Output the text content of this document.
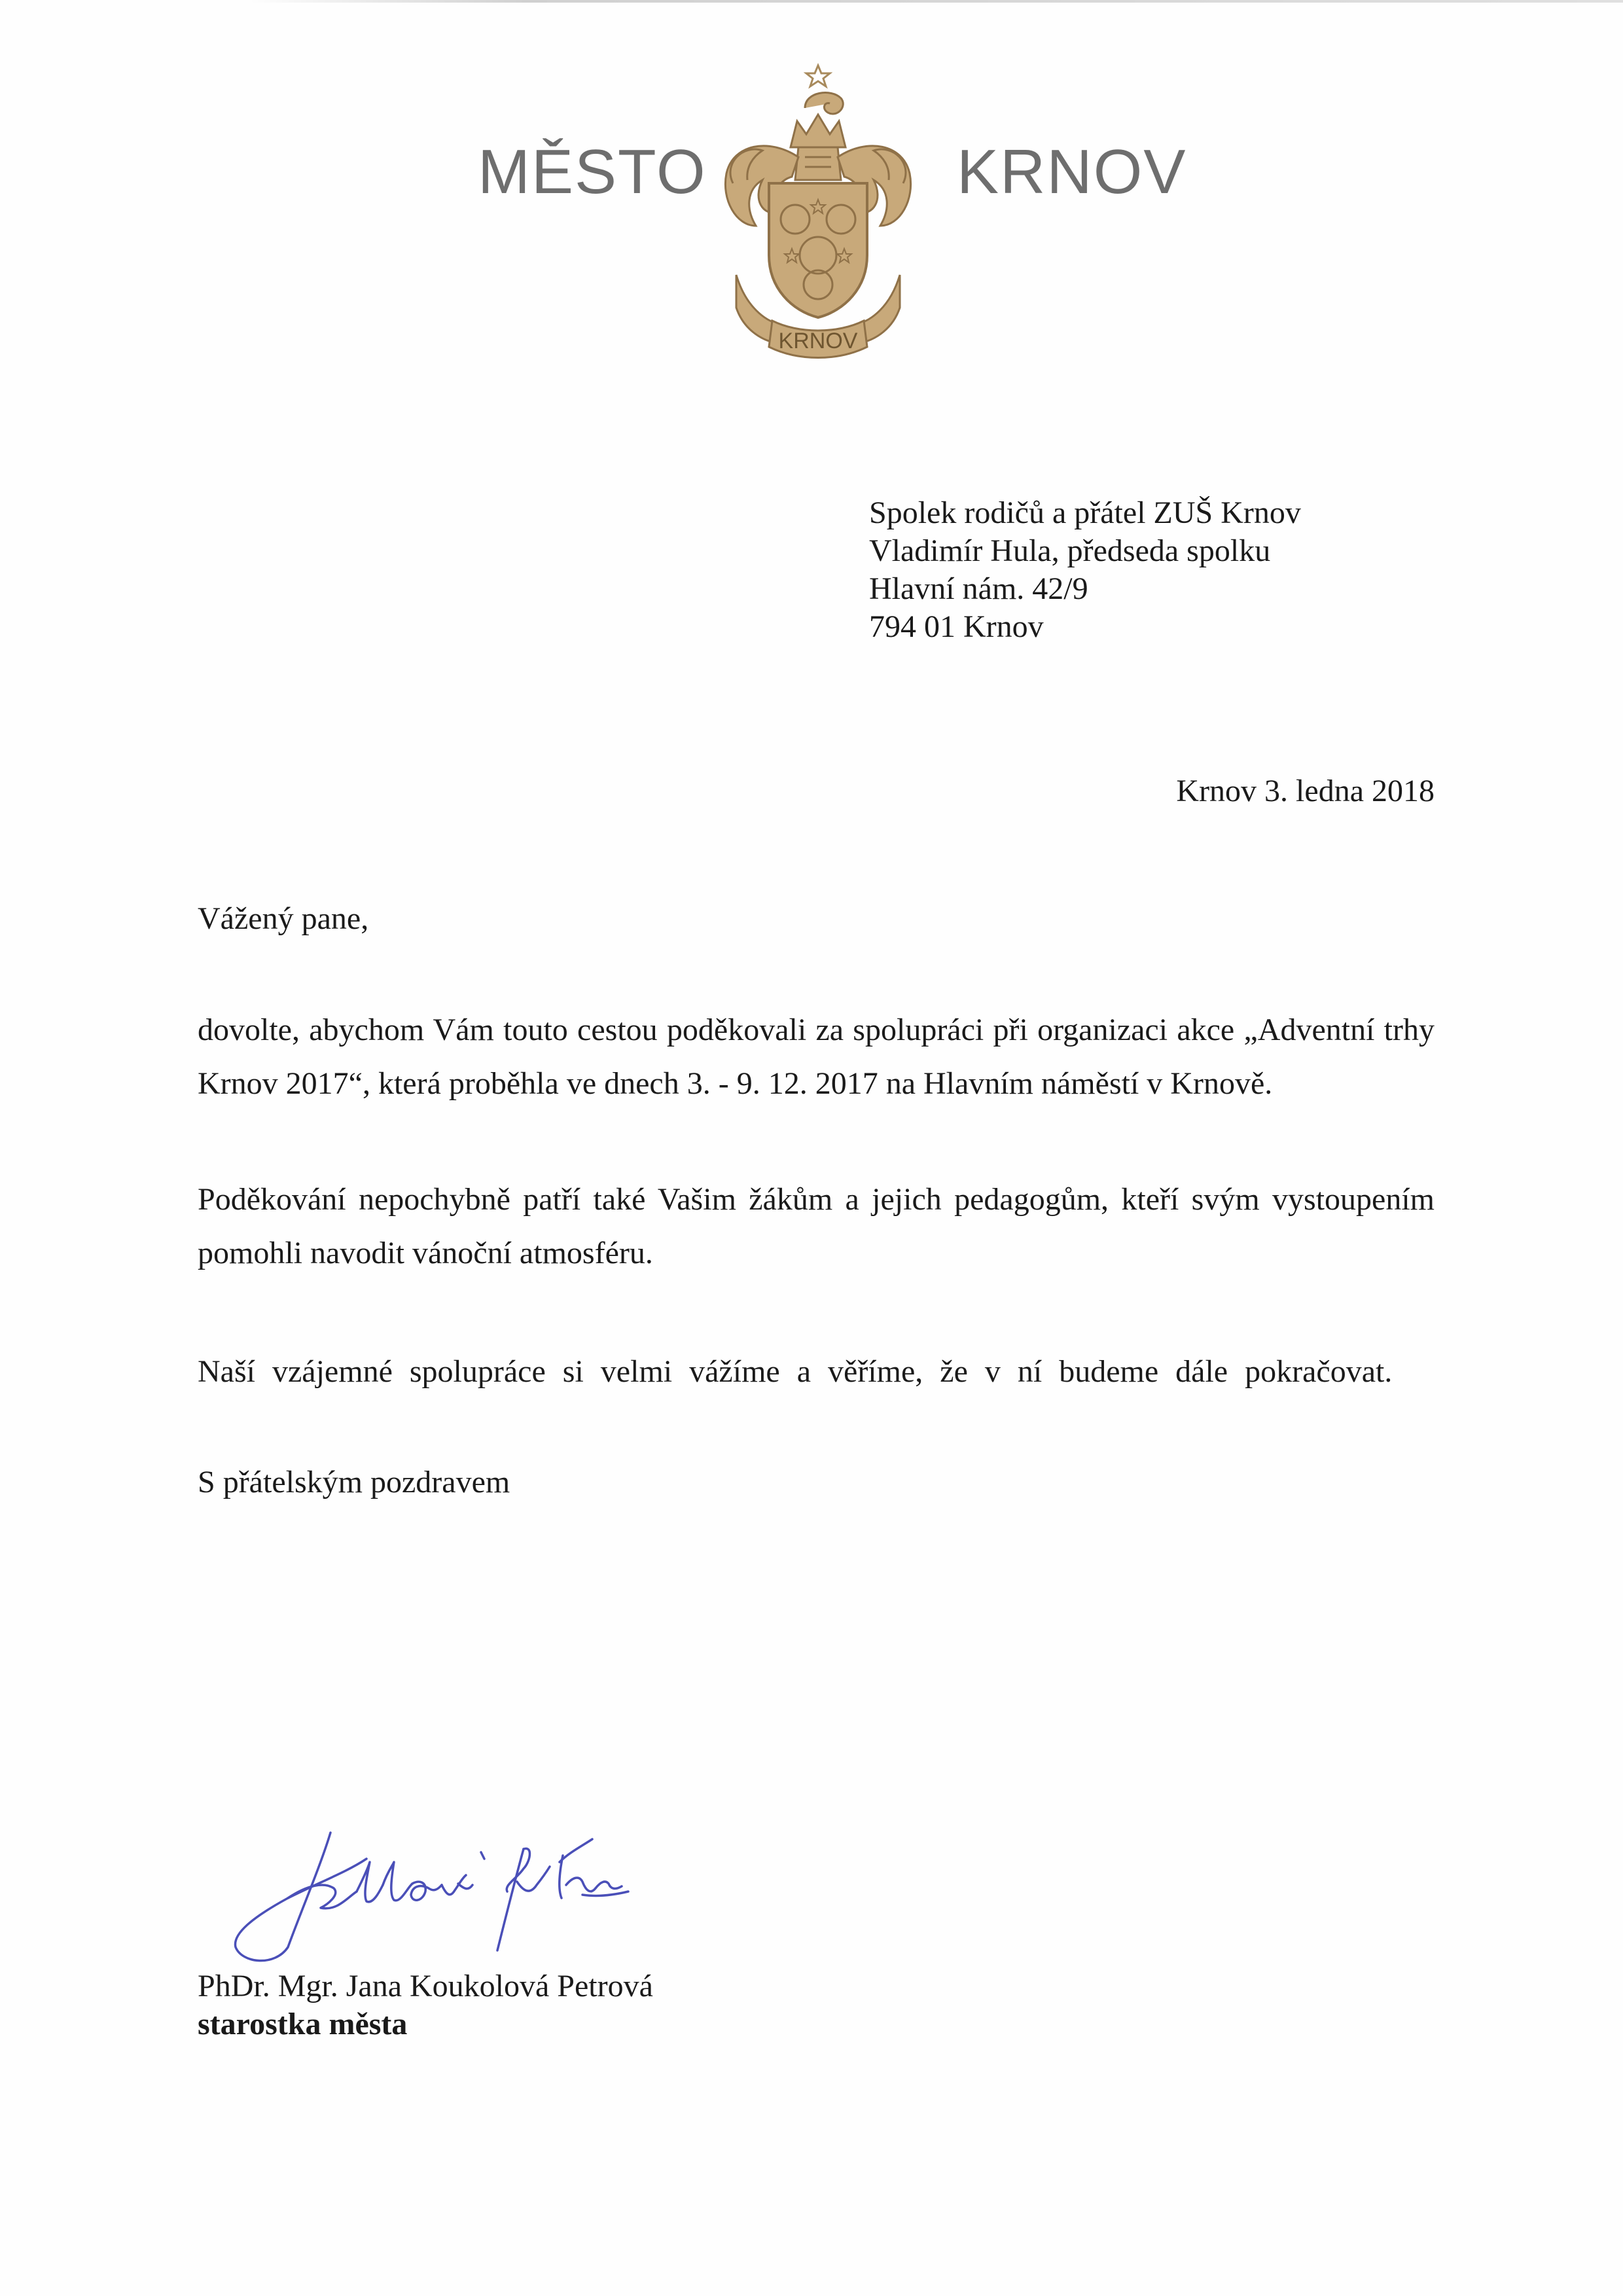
MĚSTO
KRNOV
KRNOV
Spolek rodičů a přátel ZUŠ Krnov
Vladimír Hula, předseda spolku
Hlavní nám. 42/9
794 01 Krnov
Krnov 3. ledna 2018
Vážený pane,
dovolte, abychom Vám touto cestou poděkovali za spolupráci při organizaci akce „Adventní trhy Krnov 2017“, která proběhla ve dnech 3. - 9. 12. 2017 na Hlavním náměstí v Krnově.
Poděkování nepochybně patří také Vašim žákům a jejich pedagogům, kteří svým vystoupením pomohli navodit vánoční atmosféru.
Naší vzájemné spolupráce si velmi vážíme a věříme, že v ní budeme dále pokračovat.
S přátelským pozdravem
PhDr. Mgr. Jana Koukolová Petrová
starostka města
